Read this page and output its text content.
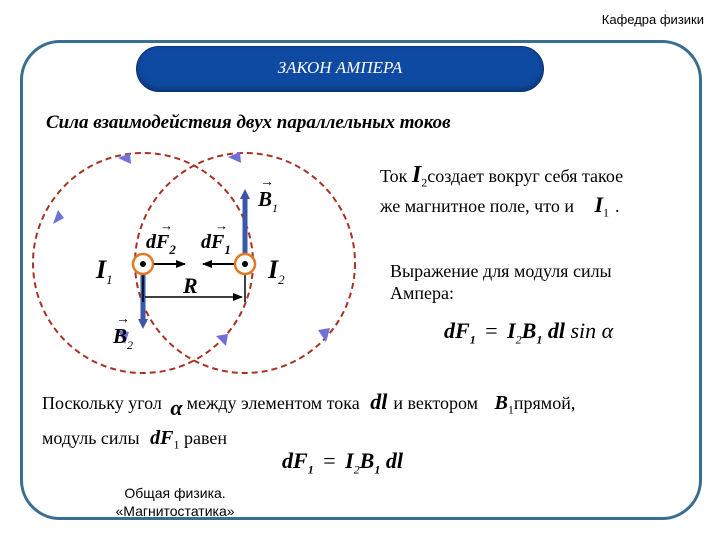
Кафедра физики
ЗАКОН АМПЕРА
Сила взаимодействия двух параллельных токов
$B_1$
→
$B_2$
→
$dF_2$
→
$dF_1$
→
$I_1$	$I_2$
R
Ток $I_2создает$ вокруг себя такое
же магнитное поле, что и $I_1$ .
Выражение для модуля силы
Ампера:
$dF_1 = I_2B_1$ dl sin α
Поскольку угол α между элементом тока dl и вектором $B_1прямой$,
модуль силы $dF_1$ равен
$dF_1 = I_2B_1$ dl
Общая физика.
«Магнитостатика»
